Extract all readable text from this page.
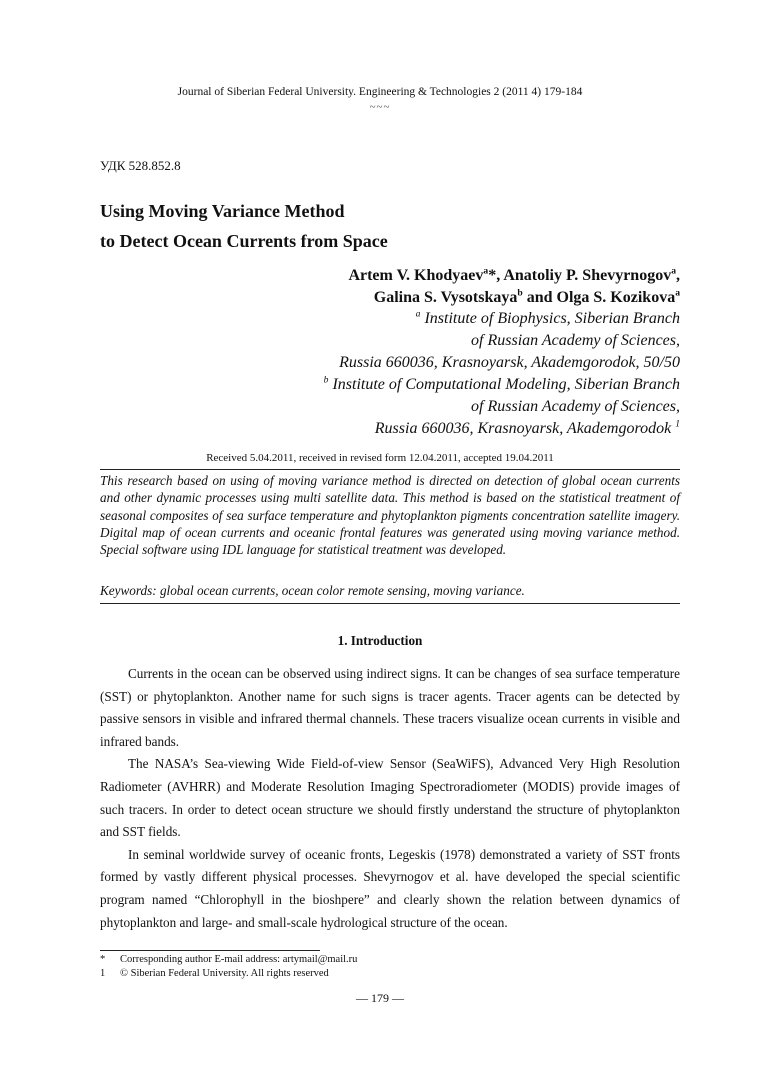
Journal of Siberian Federal University. Engineering & Technologies 2 (2011 4) 179-184
~~~
УДК 528.852.8
Using Moving Variance Method
to Detect Ocean Currents from Space
Artem V. Khodyaev$^a$*, Anatoliy P. Shevyrnogov$^a$,
Galina S. Vysotskaya$^b$ and Olga S. Kozikova$^a$
$^a$ Institute of Biophysics, Siberian Branch
of Russian Academy of Sciences,
Russia 660036, Krasnoyarsk, Akademgorodok, 50/50
$^b$ Institute of Computational Modeling, Siberian Branch
of Russian Academy of Sciences,
Russia 660036, Krasnoyarsk, Akademgorodok $^1$
Received 5.04.2011, received in revised form 12.04.2011, accepted 19.04.2011
This research based on using of moving variance method is directed on detection of global ocean currents and other dynamic processes using multi satellite data. This method is based on the statistical treatment of seasonal composites of sea surface temperature and phytoplankton pigments concentration satellite imagery. Digital map of ocean currents and oceanic frontal features was generated using moving variance method. Special software using IDL language for statistical treatment was developed.
Keywords: global ocean currents, ocean color remote sensing, moving variance.
1. Introduction

Currents in the ocean can be observed using indirect signs. It can be changes of sea surface temperature (SST) or phytoplankton. Another name for such signs is tracer agents. Tracer agents can be detected by passive sensors in visible and infrared thermal channels. These tracers visualize ocean currents in visible and infrared bands.

The NASA’s Sea-viewing Wide Field-of-view Sensor (SeaWiFS), Advanced Very High Resolution Radiometer (AVHRR) and Moderate Resolution Imaging Spectroradiometer (MODIS) provide images of such tracers. In order to detect ocean structure we should firstly understand the structure of phytoplankton and SST fields.

In seminal worldwide survey of oceanic fronts, Legeskis (1978) demonstrated a variety of SST fronts formed by vastly different physical processes. Shevyrnogov et al. have developed the special scientific program named “Chlorophyll in the bioshpere” and clearly shown the relation between dynamics of phytoplankton and large- and small-scale hydrological structure of the ocean.

*	Corresponding author E-mail address: artymail@mail.ru
1	© Siberian Federal University. All rights reserved
— 179 —
